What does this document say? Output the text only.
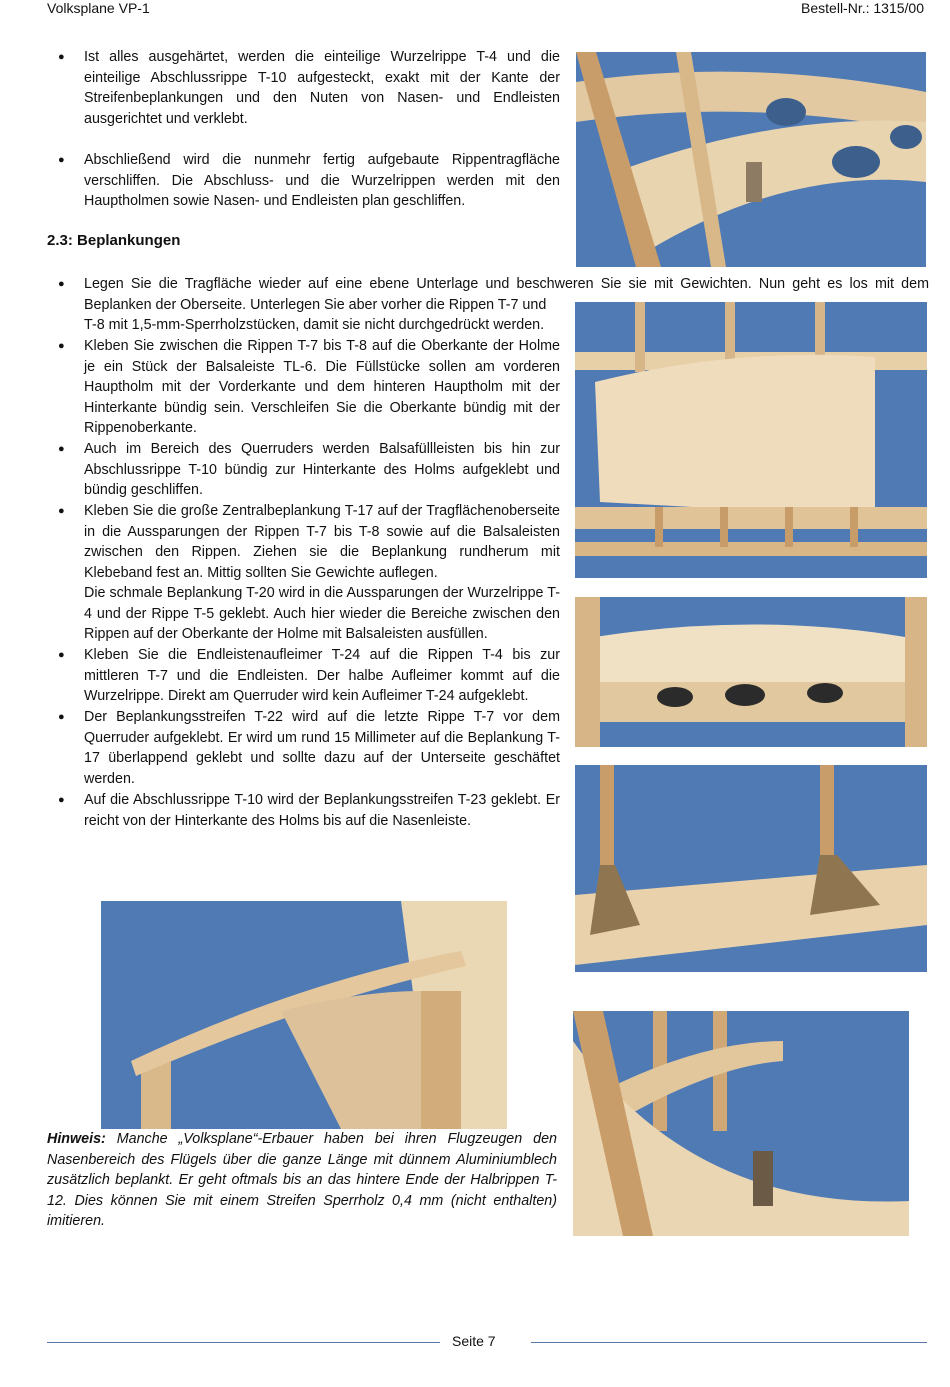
Volksplane VP-1	Bestell-Nr.: 1315/00
● Ist alles ausgehärtet, werden die einteilige Wurzelrippe T-4 und die einteilige Abschlussrippe T-10 aufgesteckt, exakt mit der Kante der Streifenbeplankungen und den Nuten von Nasen- und Endleisten ausgerichtet und verklebt.
● Abschließend wird die nunmehr fertig aufgebaute Rippentragfläche verschliffen. Die Abschluss- und die Wurzelrippen werden mit den Hauptholmen sowie Nasen- und Endleisten plan geschliffen.
2.3: Beplankungen
● Legen Sie die Tragfläche wieder auf eine ebene Unterlage und beschweren Sie sie mit Gewichten. Nun geht es los mit dem
Beplanken der Oberseite. Unterlegen Sie aber vorher die Rippen T-7 und
T-8 mit 1,5-mm-Sperrholzstücken, damit sie nicht durchgedrückt werden.
● Kleben Sie zwischen die Rippen T-7 bis T-8 auf die Oberkante der Holme je ein Stück der Balsaleiste TL-6. Die Füllstücke sollen am vorderen Hauptholm mit der Vorderkante und dem hinteren Hauptholm mit der Hinterkante bündig sein. Verschleifen Sie die Oberkante bündig mit der Rippenoberkante.
● Auch im Bereich des Querruders werden Balsafüllleisten bis hin zur Abschlussrippe T-10 bündig zur Hinterkante des Holms aufgeklebt und bündig geschliffen.
● Kleben Sie die große Zentralbeplankung T-17 auf der Tragflächenoberseite in die Aussparungen der Rippen T-7 bis T-8 sowie auf die Balsaleisten zwischen den Rippen. Ziehen sie die Beplankung rundherum mit Klebeband fest an. Mittig sollten Sie Gewichte auflegen.
Die schmale Beplankung T-20 wird in die Aussparungen der Wurzelrippe T-4 und der Rippe T-5 geklebt. Auch hier wieder die Bereiche zwischen den Rippen auf der Oberkante der Holme mit Balsaleisten ausfüllen.
● Kleben Sie die Endleistenaufleimer T-24 auf die Rippen T-4 bis zur mittleren T-7 und die Endleisten. Der halbe Aufleimer kommt auf die Wurzelrippe. Direkt am Querruder wird kein Aufleimer T-24 aufgeklebt.
● Der Beplankungsstreifen T-22 wird auf die letzte Rippe T-7 vor dem Querruder aufgeklebt. Er wird um rund 15 Millimeter auf die Beplankung T-17 überlappend geklebt und sollte dazu auf der Unterseite geschäftet werden.
● Auf die Abschlussrippe T-10 wird der Beplankungsstreifen T-23 geklebt. Er reicht von der Hinterkante des Holms bis auf die Nasenleiste.
Hinweis: Manche „Volksplane“-Erbauer haben bei ihren Flugzeugen den Nasenbereich des Flügels über die ganze Länge mit dünnem Aluminiumblech zusätzlich beplankt. Er geht oftmals bis an das hintere Ende der Halbrippen T-12. Dies können Sie mit einem Streifen Sperrholz 0,4 mm (nicht enthalten) imitieren.
Seite 7
